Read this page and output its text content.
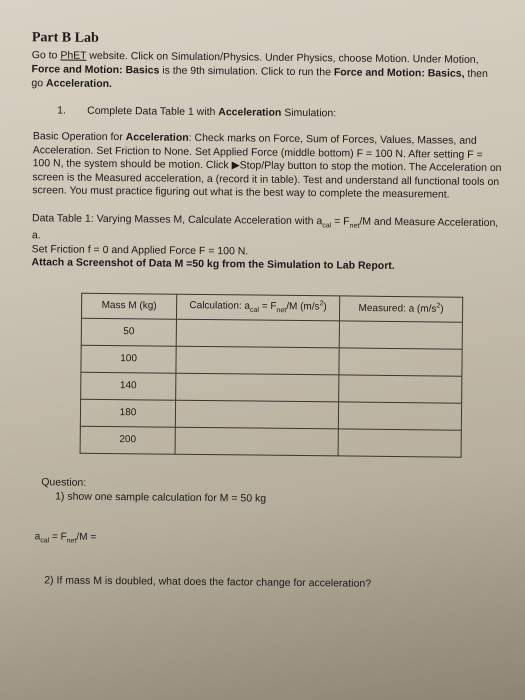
Part B Lab

Go to PhET website. Click on Simulation/Physics. Under Physics, choose Motion. Under Motion, Force and Motion: Basics is the 9th simulation. Click to run the Force and Motion: Basics, then go Acceleration.

1. Complete Data Table 1 with Acceleration Simulation:

Basic Operation for Acceleration: Check marks on Force, Sum of Forces, Values, Masses, and Acceleration. Set Friction to None. Set Applied Force (middle bottom) F = 100 N. After setting F = 100 N, the system should be motion. Click ▶Stop/Play button to stop the motion. The Acceleration on screen is the Measured acceleration, a (record it in table). Test and understand all functional tools on screen. You must practice figuring out what is the best way to complete the measurement.

Data Table 1: Varying Masses M, Calculate Acceleration with $a_{cal} = F_{net}/M$ and Measure Acceleration, a.
Set Friction f = 0 and Applied Force F = 100 N.
Attach a Screenshot of Data M =50 kg from the Simulation to Lab Report.

Mass M (kg)	Calculation: $a_{cal} = F_{net}/M$ $(m/s^2)$	Measured: a $(m/s^2)$
50		
100		
140		
180		
200		
Question:
1) show one sample calculation for M = 50 kg
$a_{cal} = F_{net}/M$ =
2) If mass M is doubled, what does the factor change for acceleration?
